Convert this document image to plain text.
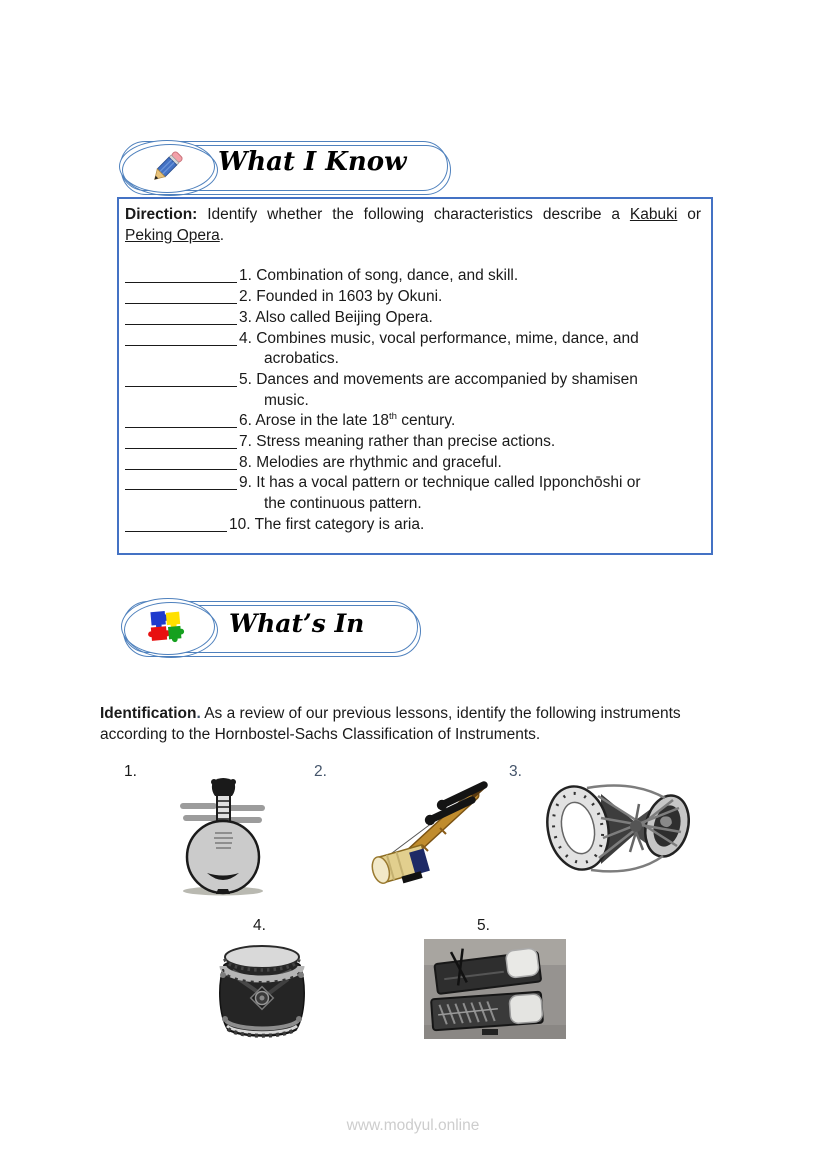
What I Know

Direction: Identify whether the following characteristics describe a Kabuki or Peking Opera.

1. Combination of song, dance, and skill.
2. Founded in 1603 by Okuni.
3. Also called Beijing Opera.
4. Combines music, vocal performance, mime, dance, and
acrobatics.
5. Dances and movements are accompanied by shamisen
music.
6. Arose in the late 18th century.
7. Stress meaning rather than precise actions.
8. Melodies are rhythmic and graceful.
9. It has a vocal pattern or technique called Ipponchōshi or
the continuous pattern.
10. The first category is aria.
What’s In
Identification. As a review of our previous lessons, identify the following instruments
according to the Hornbostel-Sachs Classification of Instruments.
1.	2.	3.
4.	5.
www.modyul.online
